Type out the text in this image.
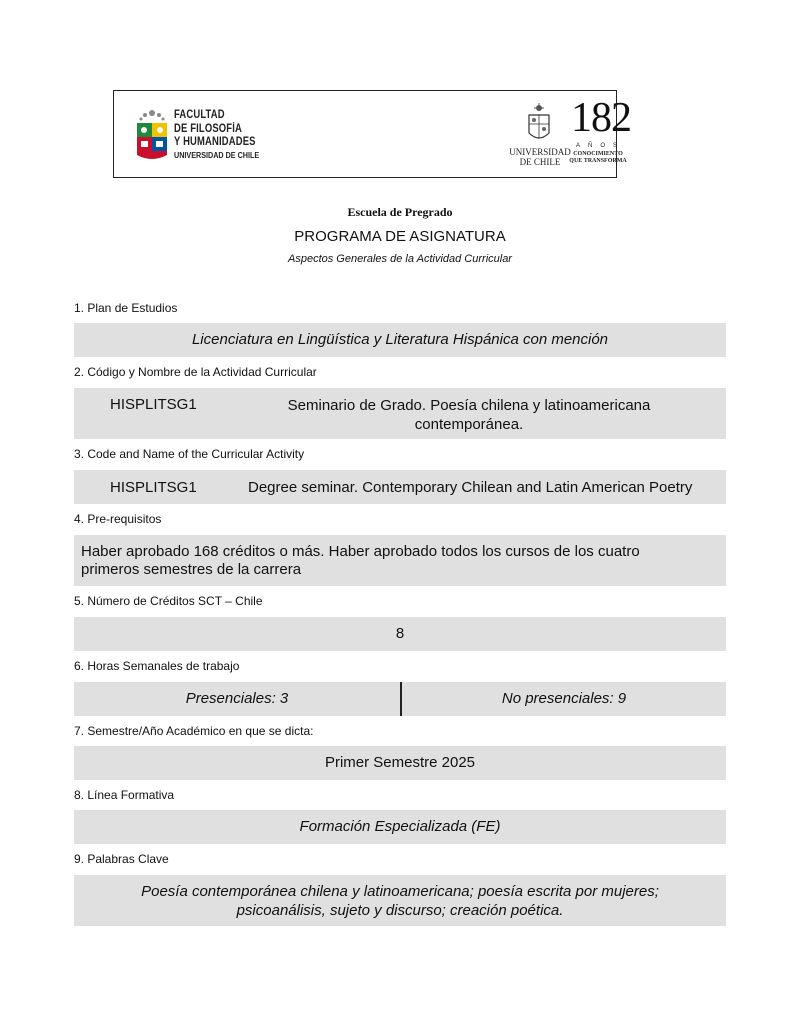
FACULTAD
DE FILOSOFÍA
Y HUMANIDADES
UNIVERSIDAD DE CHILE	UNIVERSIDAD
DE CHILE
182
AÑOS
CONOCIMIENTO
QUE TRANSFORMA
Escuela de Pregrado
PROGRAMA DE ASIGNATURA
Aspectos Generales de la Actividad Curricular
1. Plan de Estudios
Licenciatura en Lingüística y Literatura Hispánica con mención
2. Código y Nombre de la Actividad Curricular
HISPLITSG1	Seminario de Grado. Poesía chilena y latinoamericana
contemporánea.
3. Code and Name of the Curricular Activity
HISPLITSG1	Degree seminar. Contemporary Chilean and Latin American Poetry
4. Pre-requisitos
Haber aprobado 168 créditos o más. Haber aprobado todos los cursos de los cuatro
primeros semestres de la carrera
5. Número de Créditos SCT – Chile
8
6. Horas Semanales de trabajo
Presenciales: 3	No presenciales: 9
7. Semestre/Año Académico en que se dicta:
Primer Semestre 2025
8. Línea Formativa
Formación Especializada (FE)
9. Palabras Clave
Poesía contemporánea chilena y latinoamericana; poesía escrita por mujeres;
psicoanálisis, sujeto y discurso; creación poética.
